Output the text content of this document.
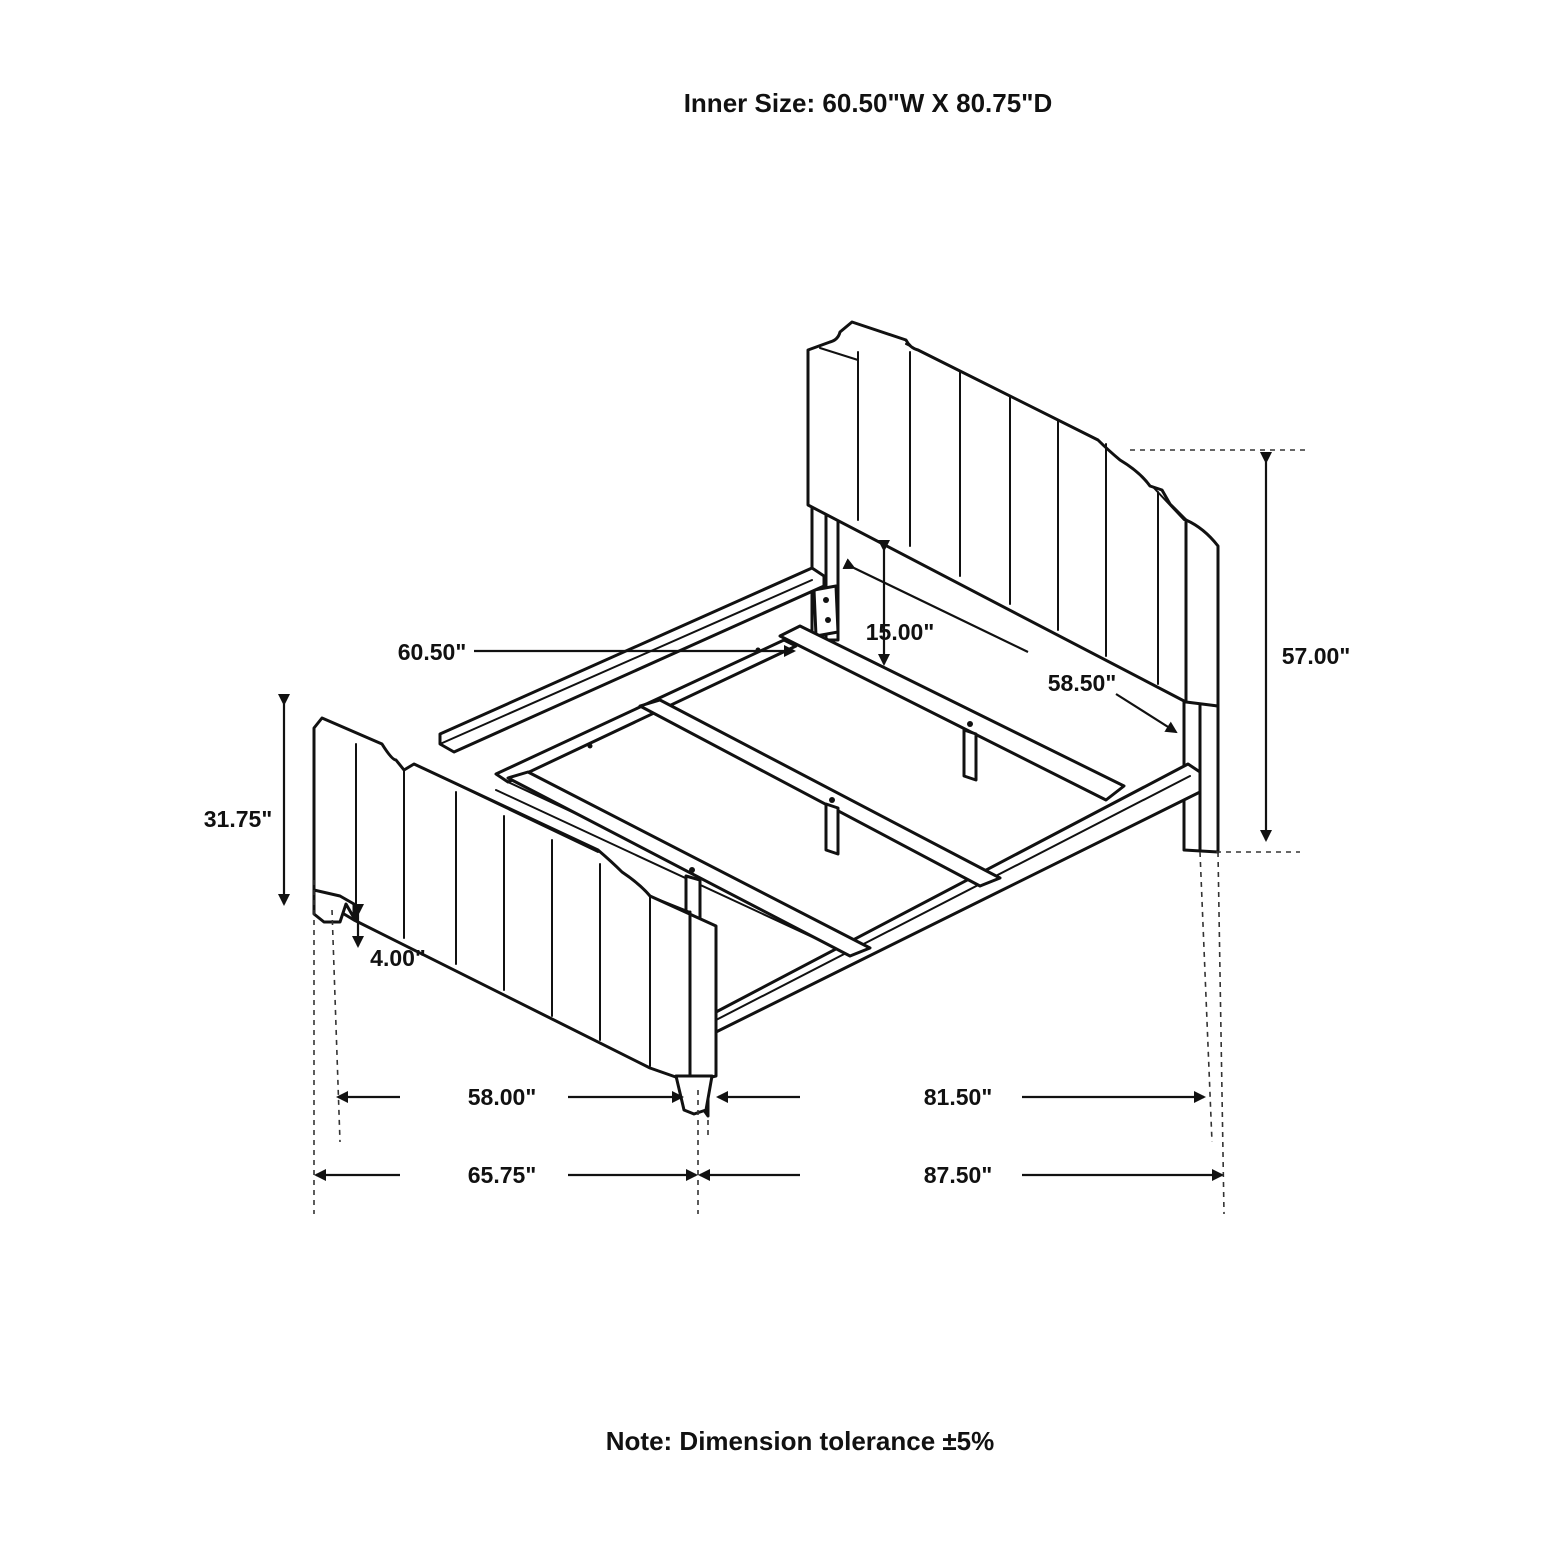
Inner Size: 60.50"W X 80.75"D
57.00"
31.75"
4.00"
15.00"
60.50"
58.50"
58.00"	81.50"
65.75"	87.50"
Note: Dimension tolerance ±5%
